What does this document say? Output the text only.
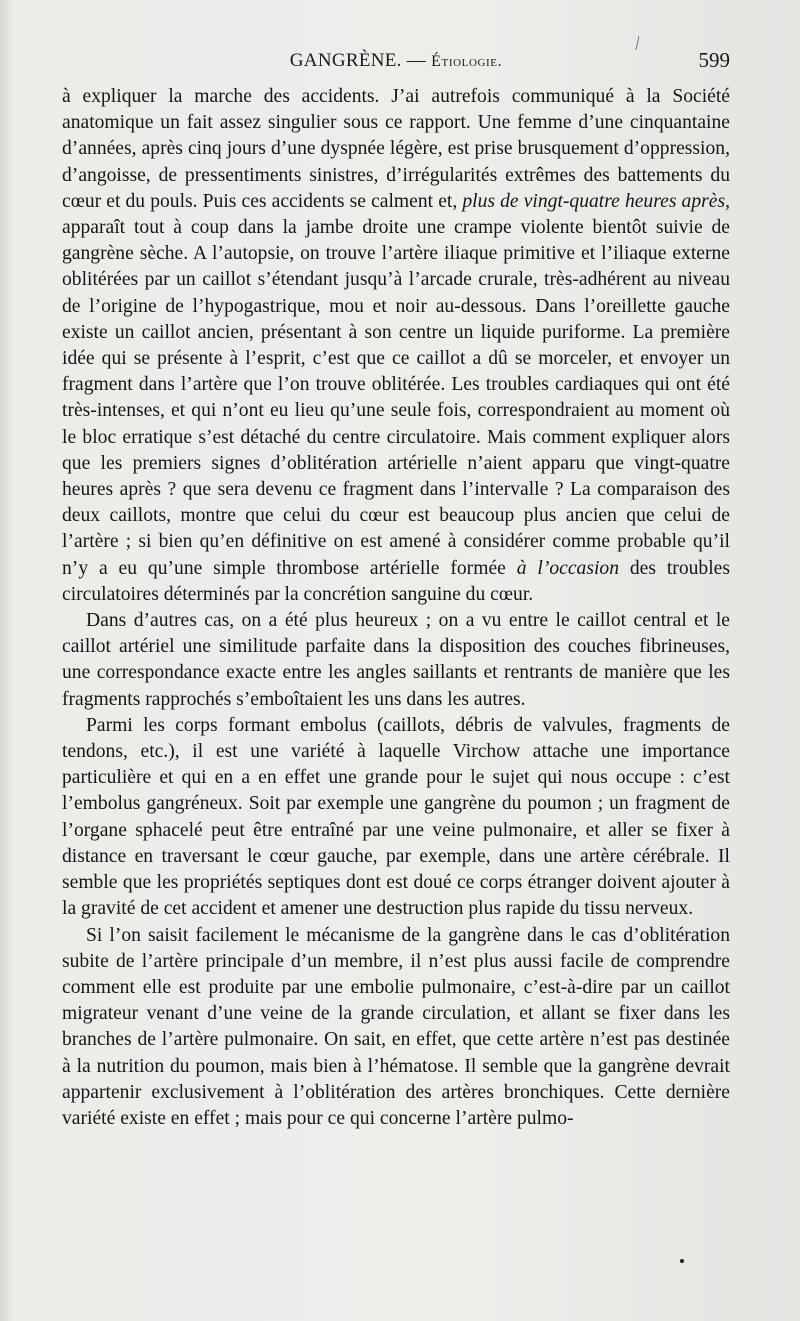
GANGRÈNE. — Étiologie.	599

à expliquer la marche des accidents. J’ai autrefois communiqué à la Société anatomique un fait assez singulier sous ce rapport. Une femme d’une cinquantaine d’années, après cinq jours d’une dyspnée légère, est prise brusquement d’oppression, d’angoisse, de pressentiments sinistres, d’irrégularités extrêmes des battements du cœur et du pouls. Puis ces accidents se calment et, plus de vingt-quatre heures après, apparaît tout à coup dans la jambe droite une crampe violente bientôt suivie de gangrène sèche. A l’autopsie, on trouve l’artère iliaque primitive et l’iliaque externe oblitérées par un caillot s’étendant jusqu’à l’arcade crurale, très-adhérent au niveau de l’origine de l’hypogastrique, mou et noir au-dessous. Dans l’oreillette gauche existe un caillot ancien, présentant à son centre un liquide puriforme. La première idée qui se présente à l’esprit, c’est que ce caillot a dû se morceler, et envoyer un fragment dans l’artère que l’on trouve oblitérée. Les troubles cardiaques qui ont été très-intenses, et qui n’ont eu lieu qu’une seule fois, correspondraient au moment où le bloc erratique s’est détaché du centre circulatoire. Mais comment expliquer alors que les premiers signes d’oblitération artérielle n’aient apparu que vingt-quatre heures après ? que sera devenu ce fragment dans l’intervalle ? La comparaison des deux caillots, montre que celui du cœur est beaucoup plus ancien que celui de l’artère ; si bien qu’en définitive on est amené à considérer comme probable qu’il n’y a eu qu’une simple thrombose artérielle formée à l’occasion des troubles circulatoires déterminés par la concrétion sanguine du cœur.

Dans d’autres cas, on a été plus heureux ; on a vu entre le caillot central et le caillot artériel une similitude parfaite dans la disposition des couches fibrineuses, une correspondance exacte entre les angles saillants et rentrants de manière que les fragments rapprochés s’emboîtaient les uns dans les autres.

Parmi les corps formant embolus (caillots, débris de valvules, fragments de tendons, etc.), il est une variété à laquelle Virchow attache une importance particulière et qui en a en effet une grande pour le sujet qui nous occupe : c’est l’embolus gangréneux. Soit par exemple une gangrène du poumon ; un fragment de l’organe sphacelé peut être entraîné par une veine pulmonaire, et aller se fixer à distance en traversant le cœur gauche, par exemple, dans une artère cérébrale. Il semble que les propriétés septiques dont est doué ce corps étranger doivent ajouter à la gravité de cet accident et amener une destruction plus rapide du tissu nerveux.

Si l’on saisit facilement le mécanisme de la gangrène dans le cas d’oblitération subite de l’artère principale d’un membre, il n’est plus aussi facile de comprendre comment elle est produite par une embolie pulmonaire, c’est-à-dire par un caillot migrateur venant d’une veine de la grande circulation, et allant se fixer dans les branches de l’artère pulmonaire. On sait, en effet, que cette artère n’est pas destinée à la nutrition du poumon, mais bien à l’hématose. Il semble que la gangrène devrait appartenir exclusivement à l’oblitération des artères bronchiques. Cette dernière variété existe en effet ; mais pour ce qui concerne l’artère pulmo-
